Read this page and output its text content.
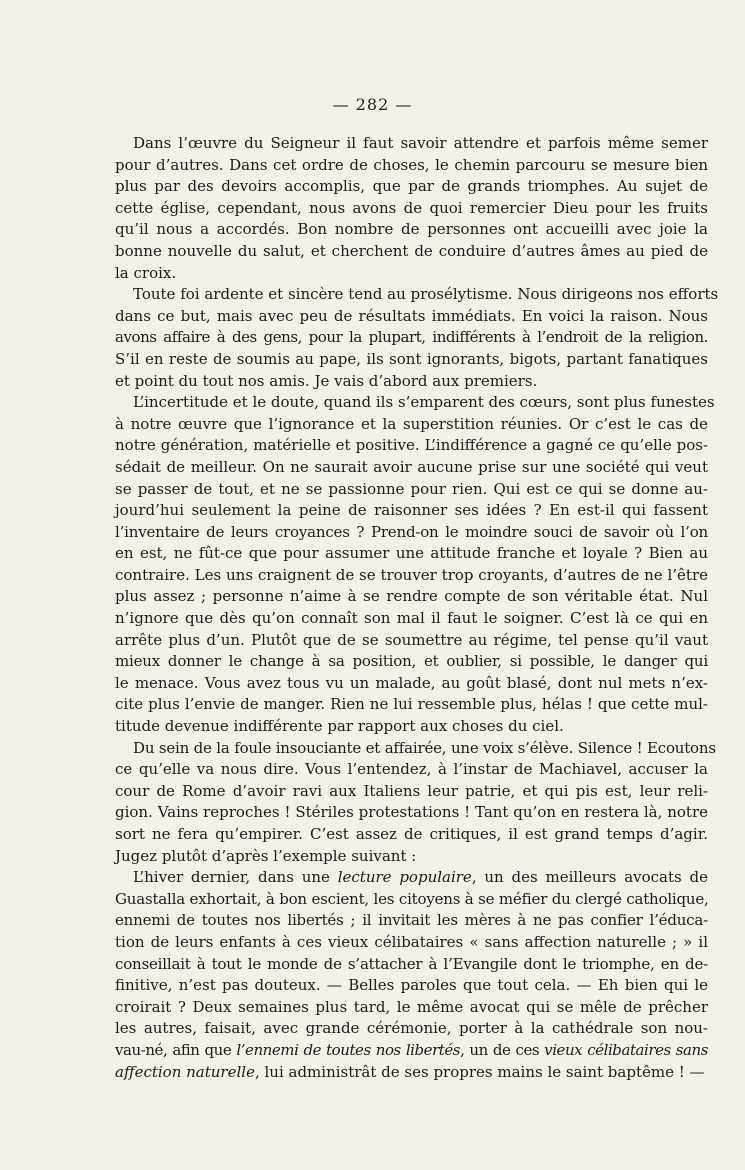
— 282 —
Dans l’œuvre du Seigneur il faut savoir attendre et parfois même semer
pour d’autres. Dans cet ordre de choses, le chemin parcouru se mesure bien
plus par des devoirs accomplis, que par de grands triomphes. Au sujet de
cette église, cependant, nous avons de quoi remercier Dieu pour les fruits
qu’il nous a accordés. Bon nombre de personnes ont accueilli avec joie la
bonne nouvelle du salut, et cherchent de conduire d’autres âmes au pied de
la croix.
Toute foi ardente et sincère tend au prosélytisme. Nous dirigeons nos efforts
dans ce but, mais avec peu de résultats immédiats. En voici la raison. Nous
avons affaire à des gens, pour la plupart, indifférents à l’endroit de la religion.
S’il en reste de soumis au pape, ils sont ignorants, bigots, partant fanatiques
et point du tout nos amis. Je vais d’abord aux premiers.
L’incertitude et le doute, quand ils s’emparent des cœurs, sont plus funestes
à notre œuvre que l’ignorance et la superstition réunies. Or c’est le cas de
notre génération, matérielle et positive. L’indifférence a gagné ce qu’elle pos-
sédait de meilleur. On ne saurait avoir aucune prise sur une société qui veut
se passer de tout, et ne se passionne pour rien. Qui est ce qui se donne au-
jourd’hui seulement la peine de raisonner ses idées ? En est-il qui fassent
l’inventaire de leurs croyances ? Prend-on le moindre souci de savoir où l’on
en est, ne fût-ce que pour assumer une attitude franche et loyale ? Bien au
contraire. Les uns craignent de se trouver trop croyants, d’autres de ne l’être
plus assez ; personne n’aime à se rendre compte de son véritable état. Nul
n’ignore que dès qu’on connaît son mal il faut le soigner. C’est là ce qui en
arrête plus d’un. Plutôt que de se soumettre au régime, tel pense qu’il vaut
mieux donner le change à sa position, et oublier, si possible, le danger qui
le menace. Vous avez tous vu un malade, au goût blasé, dont nul mets n’ex-
cite plus l’envie de manger. Rien ne lui ressemble plus, hélas ! que cette mul-
titude devenue indifférente par rapport aux choses du ciel.
Du sein de la foule insouciante et affairée, une voix s’élève. Silence ! Ecoutons
ce qu’elle va nous dire. Vous l’entendez, à l’instar de Machiavel, accuser la
cour de Rome d’avoir ravi aux Italiens leur patrie, et qui pis est, leur reli-
gion. Vains reproches ! Stériles protestations ! Tant qu’on en restera là, notre
sort ne fera qu’empirer. C’est assez de critiques, il est grand temps d’agir.
Jugez plutôt d’après l’exemple suivant :
L’hiver dernier, dans une lecture populaire, un des meilleurs avocats de
Guastalla exhortait, à bon escient, les citoyens à se méfier du clergé catholique,
ennemi de toutes nos libertés ; il invitait les mères à ne pas confier l’éduca-
tion de leurs enfants à ces vieux célibataires « sans affection naturelle ; » il
conseillait à tout le monde de s’attacher à l’Evangile dont le triomphe, en de-
finitive, n’est pas douteux. — Belles paroles que tout cela. — Eh bien qui le
croirait ? Deux semaines plus tard, le même avocat qui se mêle de prêcher
les autres, faisait, avec grande cérémonie, porter à la cathédrale son nou-
vau-né, afin que l’ennemi de toutes nos libertés, un de ces vieux célibataires sans
affection naturelle, lui administrât de ses propres mains le saint baptême ! —
